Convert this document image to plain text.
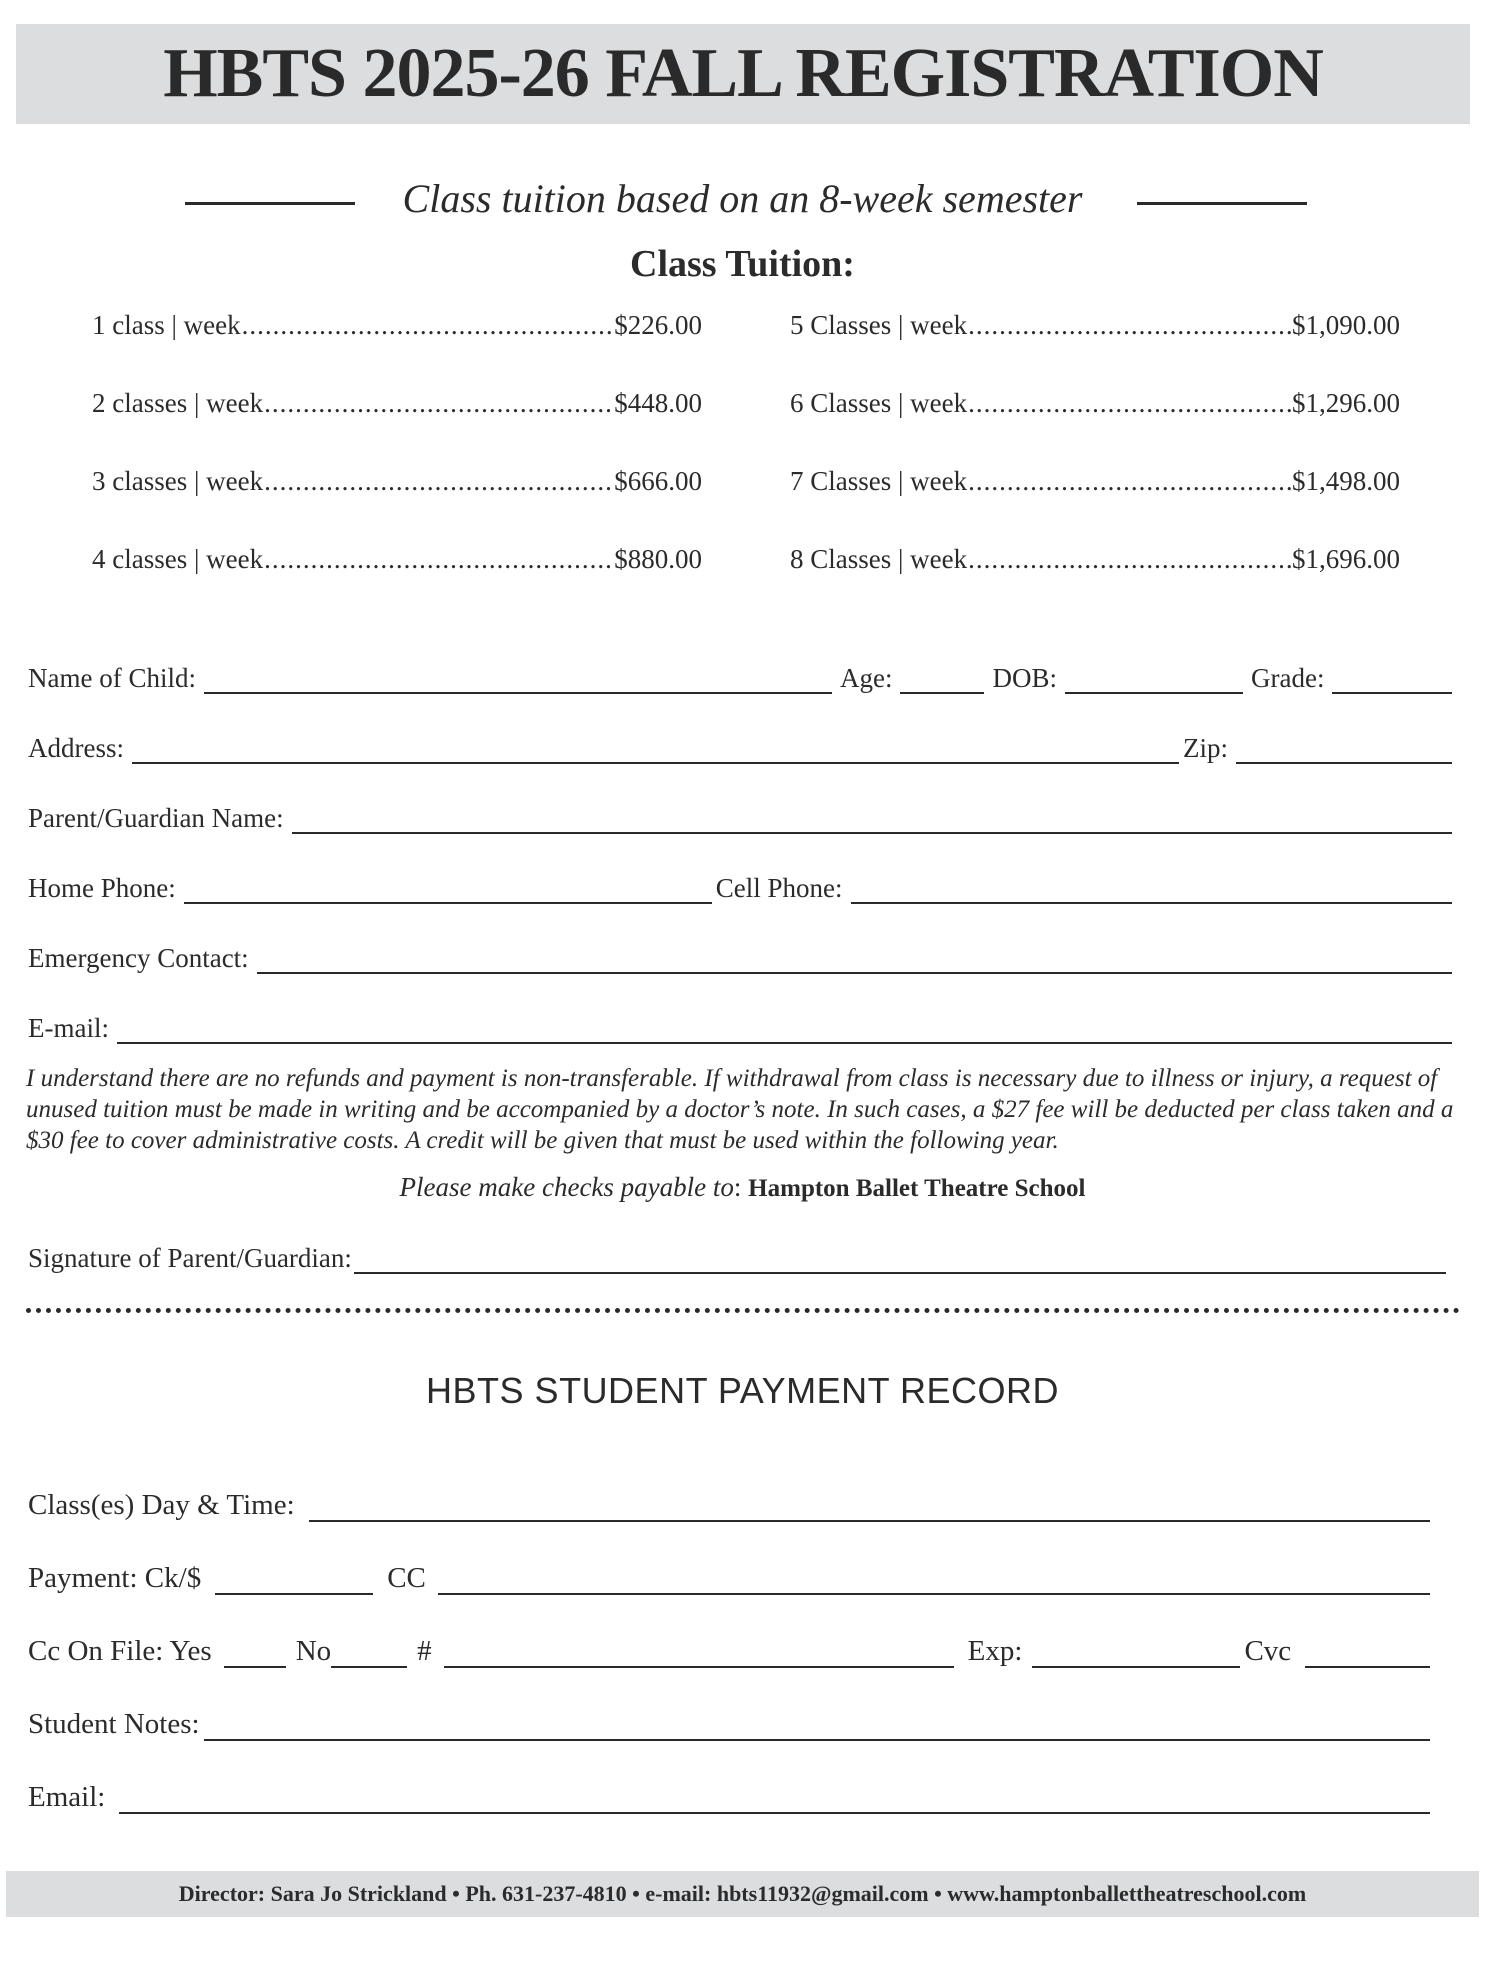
HBTS 2025-26 FALL REGISTRATION
Class tuition based on an 8-week semester
Class Tuition:
1 class | week .....	$226.00
2 classes | week .....	$448.00
3 classes | week .....	$666.00
4 classes | week .....	$880.00
5 Classes | week .....	$1,090.00
6 Classes | week .....	$1,296.00
7 Classes | week .....	$1,498.00
8 Classes | week .....	$1,696.00
Name of Child:	Age:	DOB:	Grade:
Address:	Zip:
Parent/Guardian Name:
Home Phone:	Cell Phone:
Emergency Contact:
E-mail:
I understand there are no refunds and payment is non-transferable. If withdrawal from class is necessary due to illness or injury, a request of unused tuition must be made in writing and be accompanied by a doctor’s note. In such cases, a $27 fee will be deducted per class taken and a $30 fee to cover administrative costs. A credit will be given that must be used within the following year.
Please make checks payable to: Hampton Ballet Theatre School
Signature of Parent/Guardian:
HBTS STUDENT PAYMENT RECORD
Class(es) Day & Time:
Payment: Ck/$	CC
Cc On File: Yes	No	#	Exp:	Cvc
Student Notes:
Email:
Director: Sara Jo Strickland • Ph. 631-237-4810 • e-mail: hbts11932@gmail.com • www.hamptonballettheatreschool.com
